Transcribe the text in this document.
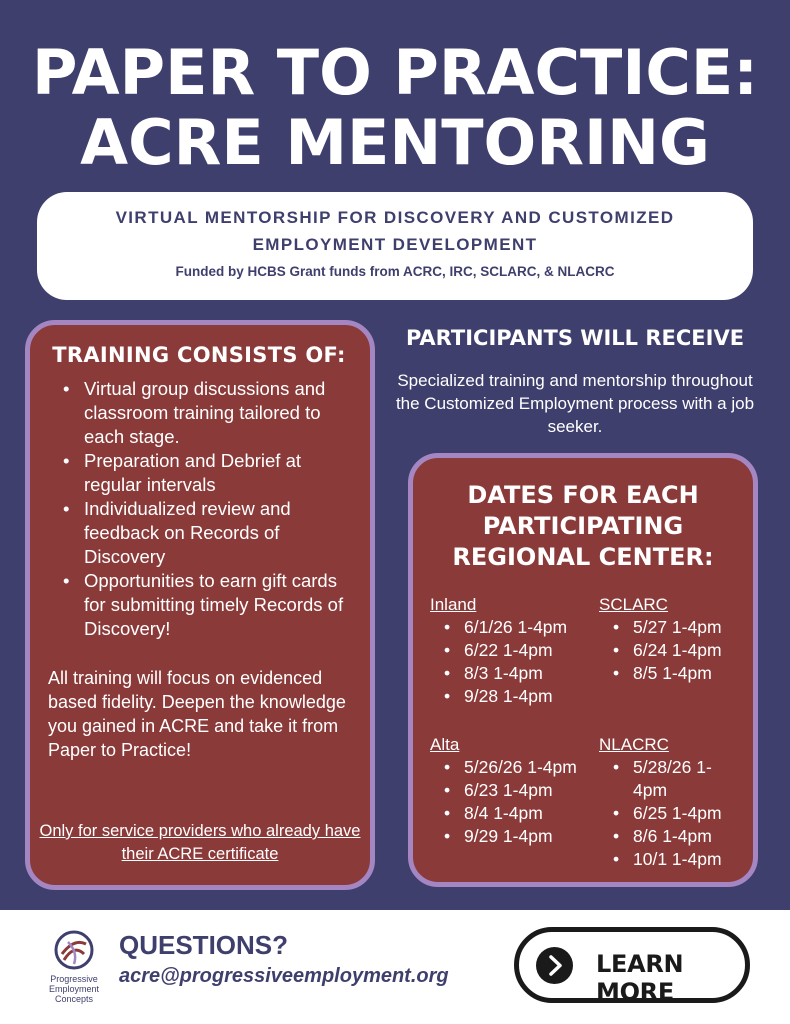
PAPER TO PRACTICE:
ACRE MENTORING
VIRTUAL MENTORSHIP FOR DISCOVERY AND CUSTOMIZED
EMPLOYMENT DEVELOPMENT
Funded by HCBS Grant funds from ACRC, IRC, SCLARC, & NLACRC
TRAINING CONSISTS OF:
• Virtual group discussions and classroom training tailored to each stage.
• Preparation and Debrief at regular intervals
• Individualized review and feedback on Records of Discovery
• Opportunities to earn gift cards for submitting timely Records of Discovery!

All training will focus on evidenced based fidelity. Deepen the knowledge you gained in ACRE and take it from Paper to Practice!

Only for service providers who already have their ACRE certificate

PARTICIPANTS WILL RECEIVE

Specialized training and mentorship throughout the Customized Employment process with a job seeker.

DATES FOR EACH
PARTICIPATING
REGIONAL CENTER:
Inland
• 6/1/26 1-4pm
• 6/22 1-4pm
• 8/3 1-4pm
• 9/28 1-4pm
SCLARC
• 5/27 1-4pm
• 6/24 1-4pm
• 8/5 1-4pm
Alta
• 5/26/26 1-4pm
• 6/23 1-4pm
• 8/4 1-4pm
• 9/29 1-4pm
NLACRC
• 5/28/26 1-4pm
• 6/25 1-4pm
• 8/6 1-4pm
• 10/1 1-4pm
Progressive Employment Concepts
QUESTIONS?
acre@progressiveemployment.org	LEARN MORE
